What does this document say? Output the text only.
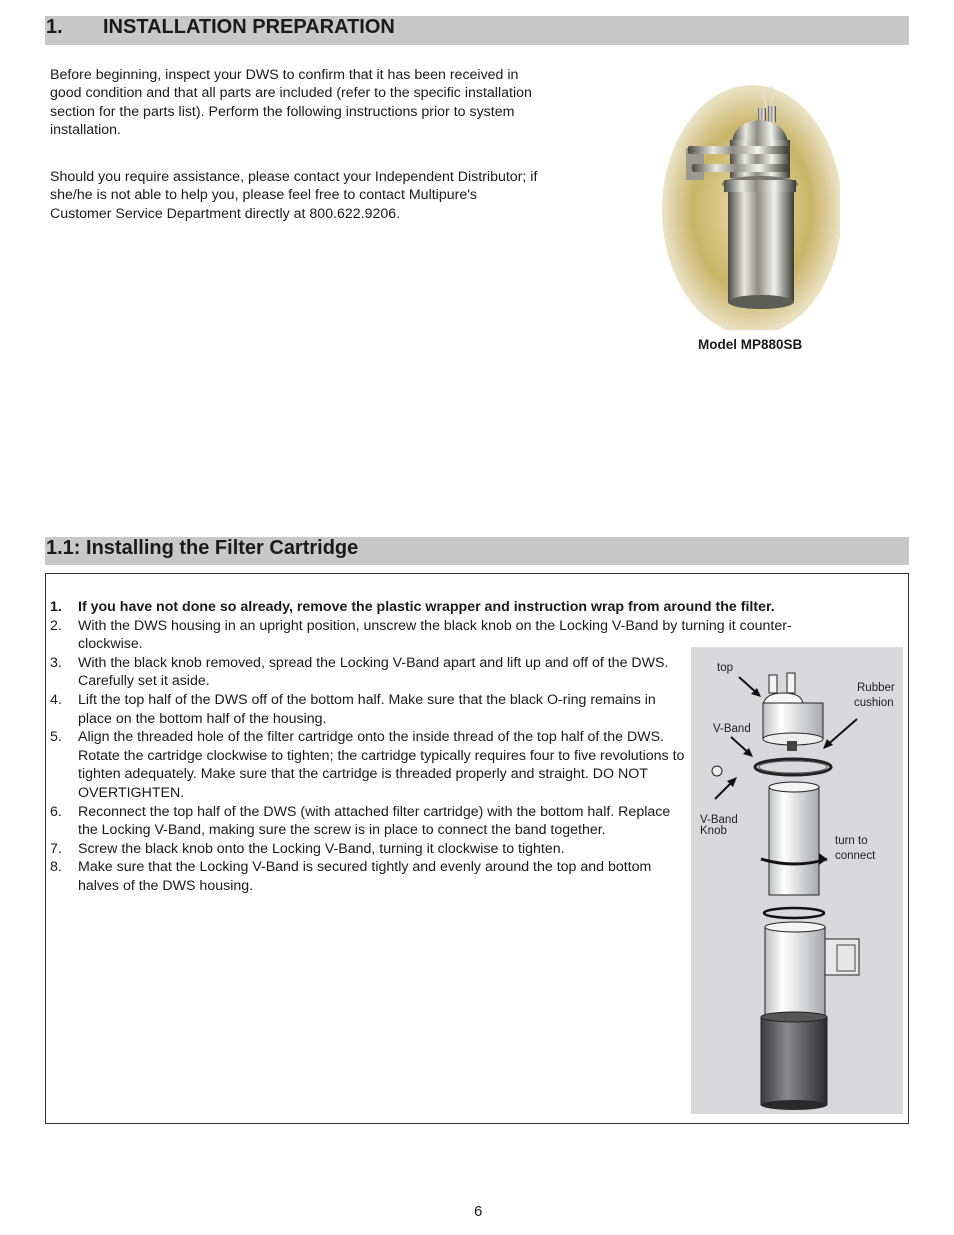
1. INSTALLATION PREPARATION
Before beginning, inspect your DWS to confirm that it has been received in good condition and that all parts are included (refer to the specific installation section for the parts list). Perform the following instructions prior to system installation.
Should you require assistance, please contact your Independent Distributor; if she/he is not able to help you, please feel free to contact Multipure's Customer Service Department directly at 800.622.9206.
Model MP880SB
1.1: Installing the Filter Cartridge
1. If you have not done so already, remove the plastic wrapper and instruction wrap from around the filter.
2. With the DWS housing in an upright position, unscrew the black knob on the Locking V-Band by turning it counter- clockwise.
3. With the black knob removed, spread the Locking V-Band apart and lift up and off of the DWS. Carefully set it aside.
4. Lift the top half of the DWS off of the bottom half. Make sure that the black O-ring remains in place on the bottom half of the housing.
5. Align the threaded hole of the filter cartridge onto the inside thread of the top half of the DWS. Rotate the cartridge clockwise to tighten; the cartridge typically requires four to five revolutions to tighten adequately. Make sure that the cartridge is threaded properly and straight. DO NOT OVERTIGHTEN.
6. Reconnect the top half of the DWS (with attached filter cartridge) with the bottom half. Replace the Locking V-Band, making sure the screw is in place to connect the band together.
7. Screw the black knob onto the Locking V-Band, turning it clockwise to tighten.
8. Make sure that the Locking V-Band is secured tightly and evenly around the top and bottom halves of the DWS housing.
top
Rubber
cushion
V-Band
V-Band
Knob
turn to
connect
6
